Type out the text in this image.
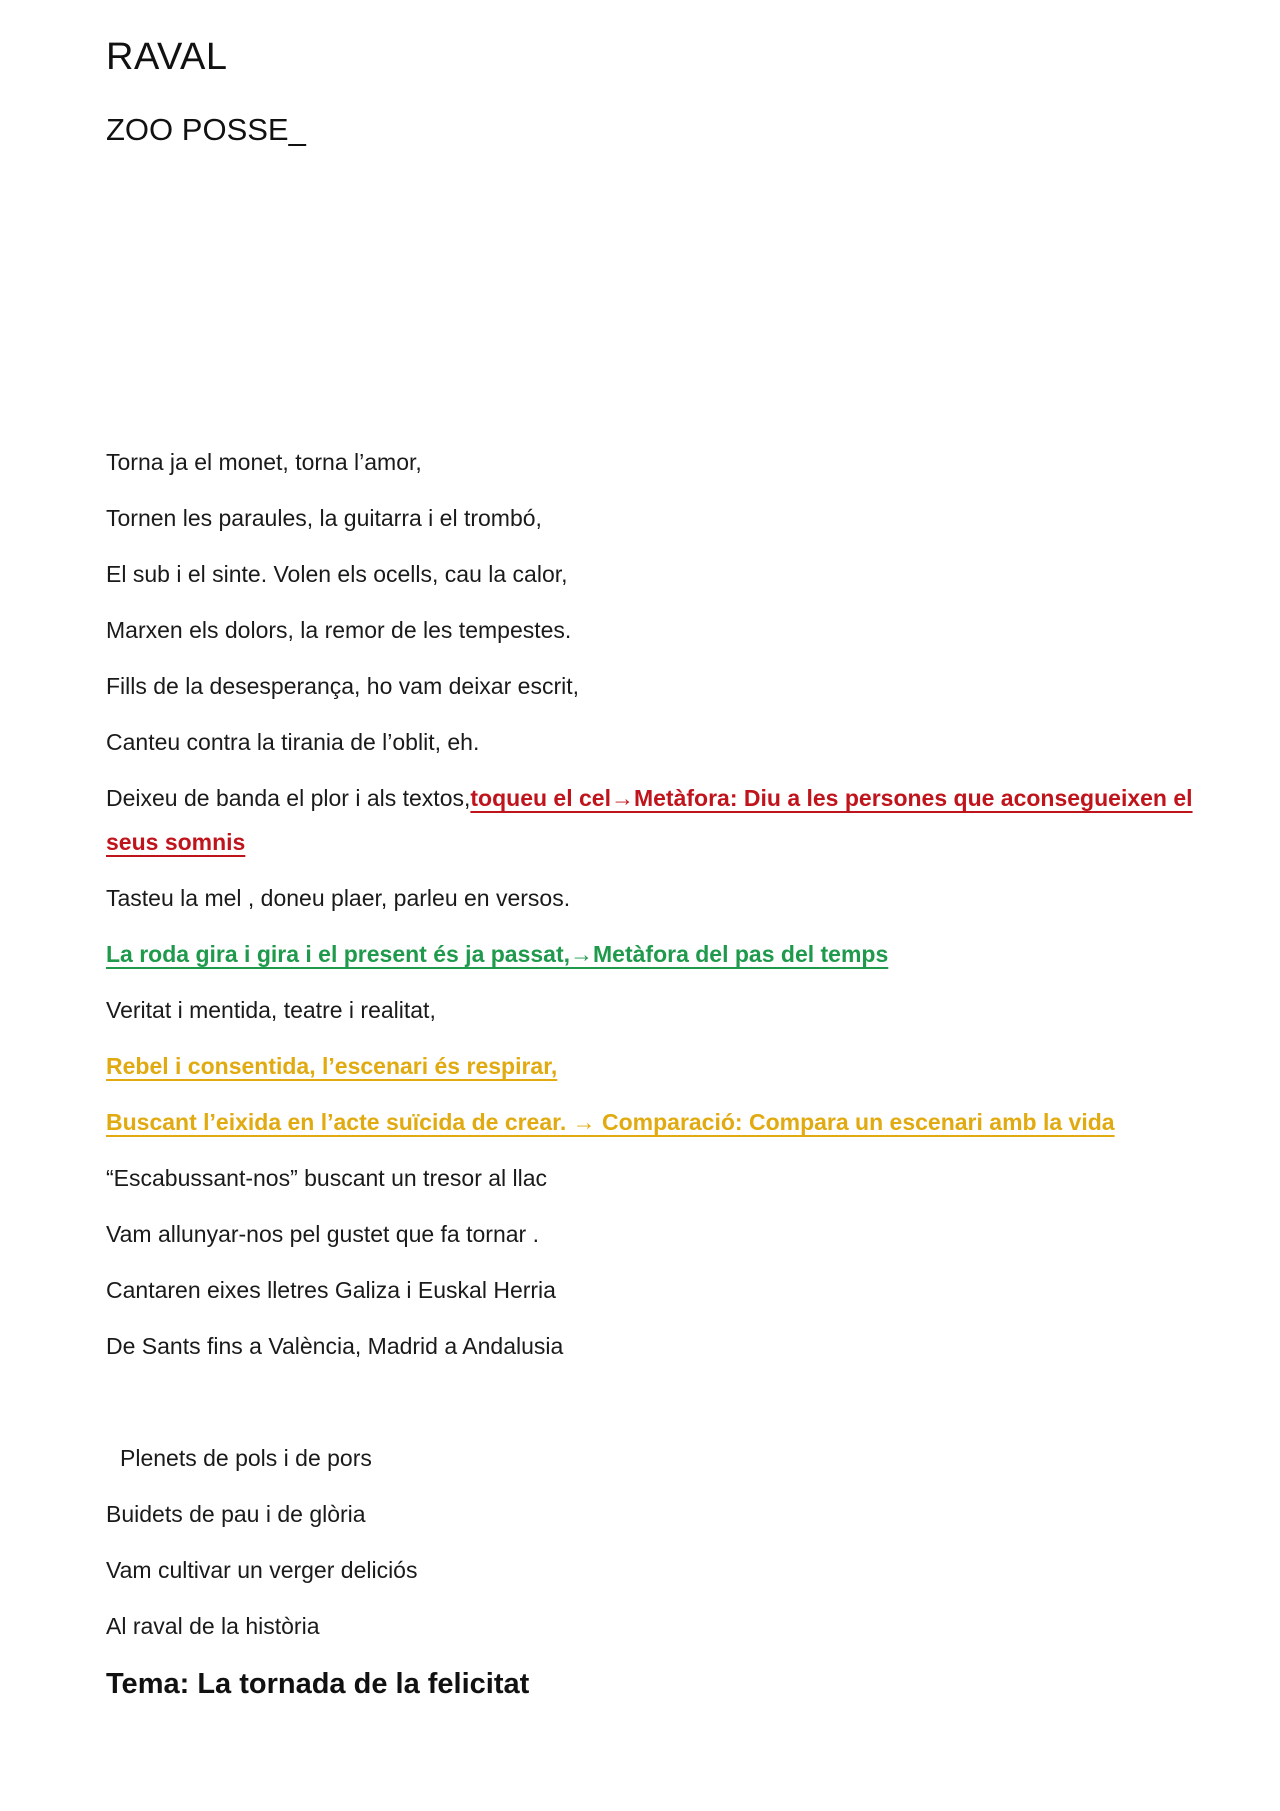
RAVAL
ZOO POSSE_
Torna ja el monet, torna l’amor,
Tornen les paraules, la guitarra i el trombó,
El sub i el sinte. Volen els ocells, cau la calor,
Marxen els dolors, la remor de les tempestes.
Fills de la desesperança, ho vam deixar escrit,
Canteu contra la tirania de l’oblit, eh.
Deixeu de banda el plor i als textos,toqueu el cel→Metàfora: Diu a les persones que aconsegueixen el seus somnis
Tasteu la mel , doneu plaer, parleu en versos.
La roda gira i gira i el present és ja passat,→Metàfora del pas del temps
Veritat i mentida, teatre i realitat,
Rebel i consentida, l’escenari és respirar,
Buscant l’eixida en l’acte suïcida de crear. → Comparació: Compara un escenari amb la vida
“Escabussant-nos” buscant un tresor al llac
Vam allunyar-nos pel gustet que fa tornar .
Cantaren eixes lletres Galiza i Euskal Herria
De Sants fins a València, Madrid a Andalusia
Plenets de pols i de pors
Buidets de pau i de glòria
Vam cultivar un verger deliciós
Al raval de la història
Tema: La tornada de la felicitat
